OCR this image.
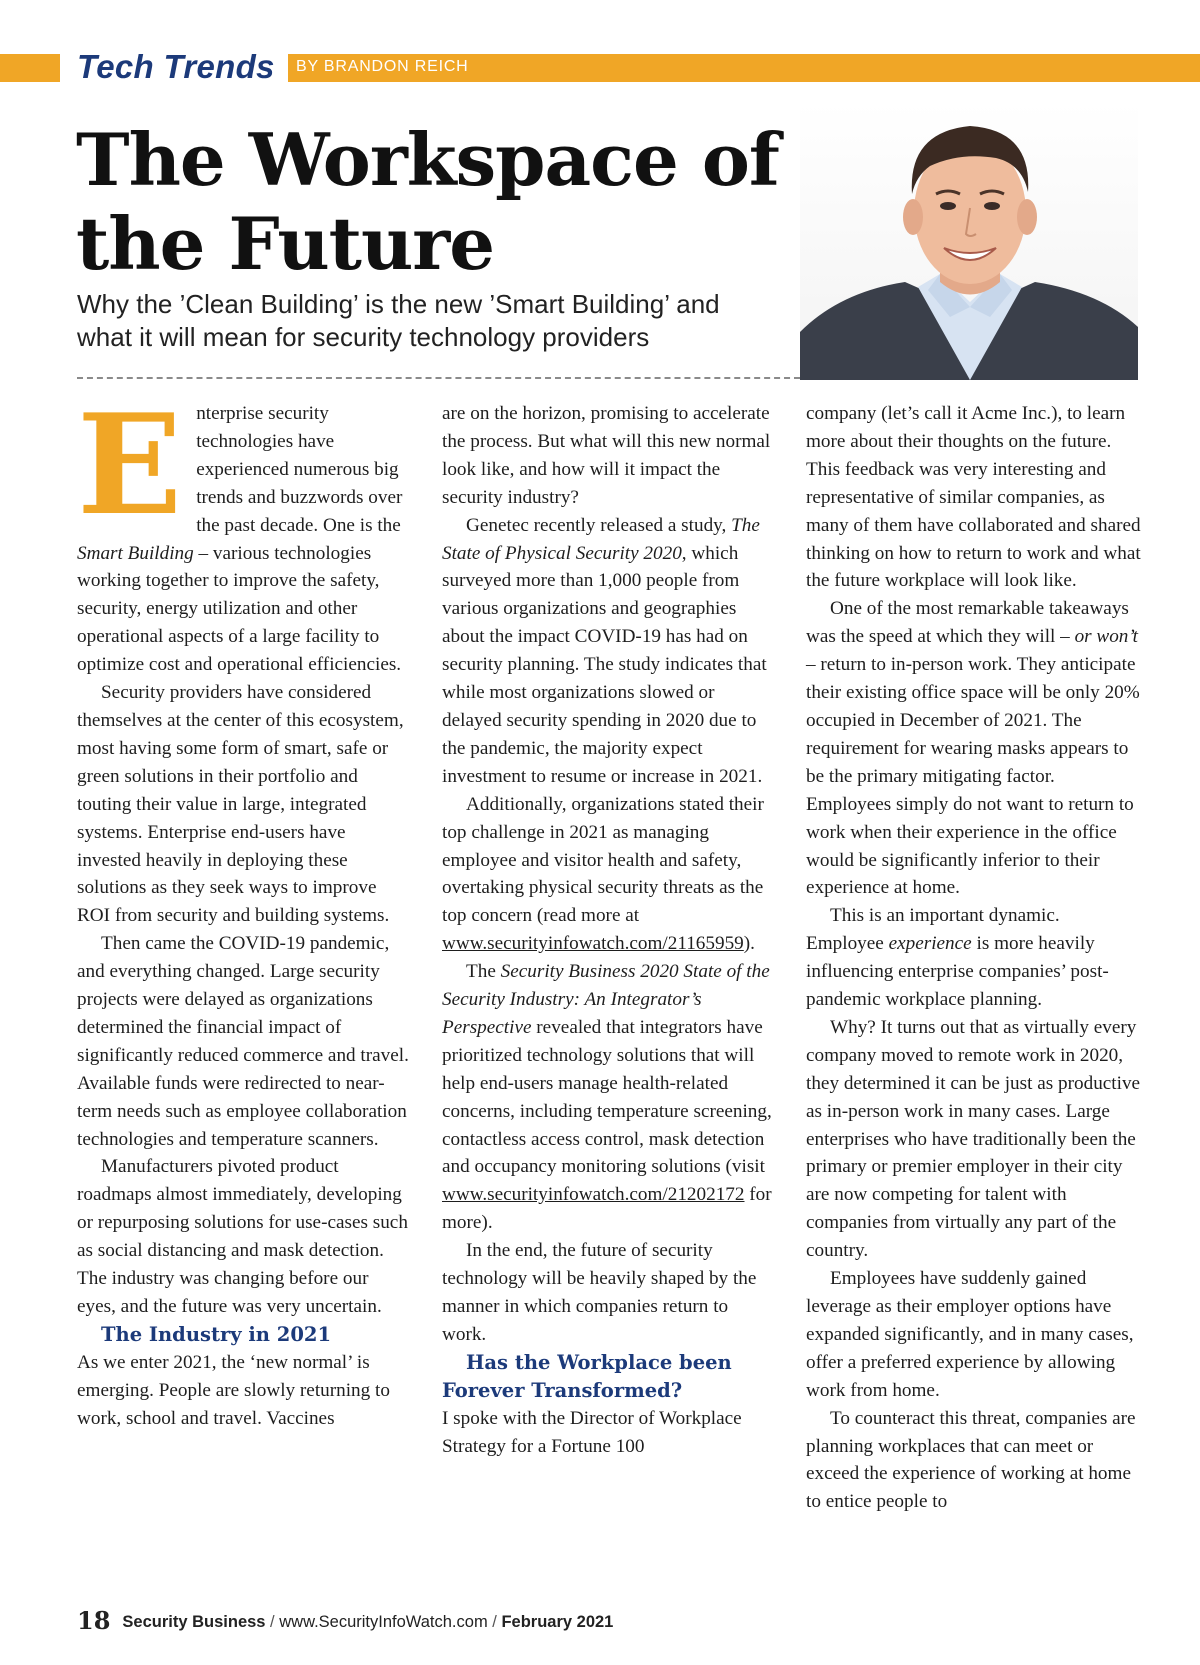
Tech Trends BY BRANDON REICH
The Workspace of the Future

Why the ’Clean Building’ is the new ’Smart Building’ and what it will mean for security technology providers

E nterprise security technologies have experienced numerous big trends and buzzwords over the past decade. One is the Smart Building – various technologies working together to improve the safety, security, energy utilization and other operational aspects of a large facility to optimize cost and operational efficiencies.

Security providers have considered themselves at the center of this ecosystem, most having some form of smart, safe or green solutions in their portfolio and touting their value in large, integrated systems. Enterprise end-users have invested heavily in deploying these solutions as they seek ways to improve ROI from security and building systems.

Then came the COVID-19 pandemic, and everything changed. Large security projects were delayed as organizations determined the financial impact of significantly reduced commerce and travel. Available funds were redirected to near-term needs such as employee collaboration technologies and temperature scanners.

Manufacturers pivoted product roadmaps almost immediately, developing or repurposing solutions for use-cases such as social distancing and mask detection. The industry was changing before our eyes, and the future was very uncertain.

The Industry in 2021

As we enter 2021, the ‘new normal’ is emerging. People are slowly returning to work, school and travel. Vaccines

are on the horizon, promising to accelerate the process. But what will this new normal look like, and how will it impact the security industry?

Genetec recently released a study, The State of Physical Security 2020, which surveyed more than 1,000 people from various organizations and geographies about the impact COVID-19 has had on security planning. The study indicates that while most organizations slowed or delayed security spending in 2020 due to the pandemic, the majority expect investment to resume or increase in 2021.

Additionally, organizations stated their top challenge in 2021 as managing employee and visitor health and safety, overtaking physical security threats as the top concern (read more at www.securityinfowatch.com/21165959).

The Security Business 2020 State of the Security Industry: An Integrator’s Perspective revealed that integrators have prioritized technology solutions that will help end-users manage health-related concerns, including temperature screening, contactless access control, mask detection and occupancy monitoring solutions (visit www.securityinfowatch.com/21202172 for more).

In the end, the future of security technology will be heavily shaped by the manner in which companies return to work.

Has the Workplace been Forever Transformed?

I spoke with the Director of Workplace Strategy for a Fortune 100

company (let’s call it Acme Inc.), to learn more about their thoughts on the future. This feedback was very interesting and representative of similar companies, as many of them have collaborated and shared thinking on how to return to work and what the future workplace will look like.

One of the most remarkable takeaways was the speed at which they will – or won’t – return to in-person work. They anticipate their existing office space will be only 20% occupied in December of 2021. The requirement for wearing masks appears to be the primary mitigating factor. Employees simply do not want to return to work when their experience in the office would be significantly inferior to their experience at home.

This is an important dynamic. Employee experience is more heavily influencing enterprise companies’ post-pandemic workplace planning.

Why? It turns out that as virtually every company moved to remote work in 2020, they determined it can be just as productive as in-person work in many cases. Large enterprises who have traditionally been the primary or premier employer in their city are now competing for talent with companies from virtually any part of the country.

Employees have suddenly gained leverage as their employer options have expanded significantly, and in many cases, offer a preferred experience by allowing work from home.

To counteract this threat, companies are planning workplaces that can meet or exceed the experience of working at home to entice people to

18 Security Business / www.SecurityInfoWatch.com / February 2021
